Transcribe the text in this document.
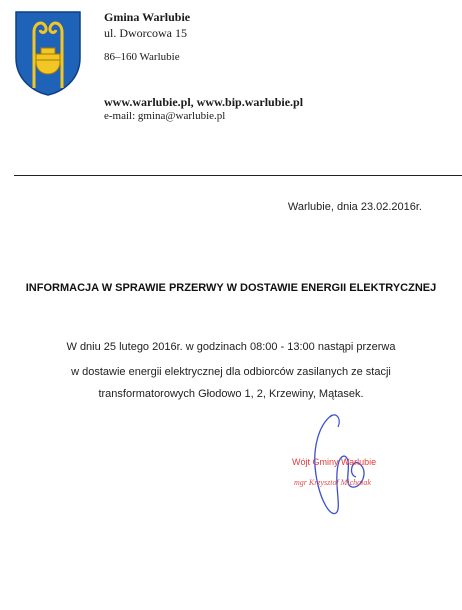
Gmina Warlubie
ul. Dworcowa 15
86–160 Warlubie
www.warlubie.pl, www.bip.warlubie.pl
e-mail: gmina@warlubie.pl
Warlubie, dnia 23.02.2016r.
INFORMACJA W SPRAWIE PRZERWY W DOSTAWIE ENERGII ELEKTRYCZNEJ
W dniu 25 lutego 2016r. w godzinach 08:00 - 13:00 nastąpi przerwa
w dostawie energii elektrycznej dla odbiorców zasilanych ze stacji
transformatorowych Głodowo 1, 2, Krzewiny, Mątasek.
Wójt Gminy Warlubie
mgr Krzysztof Michalak
